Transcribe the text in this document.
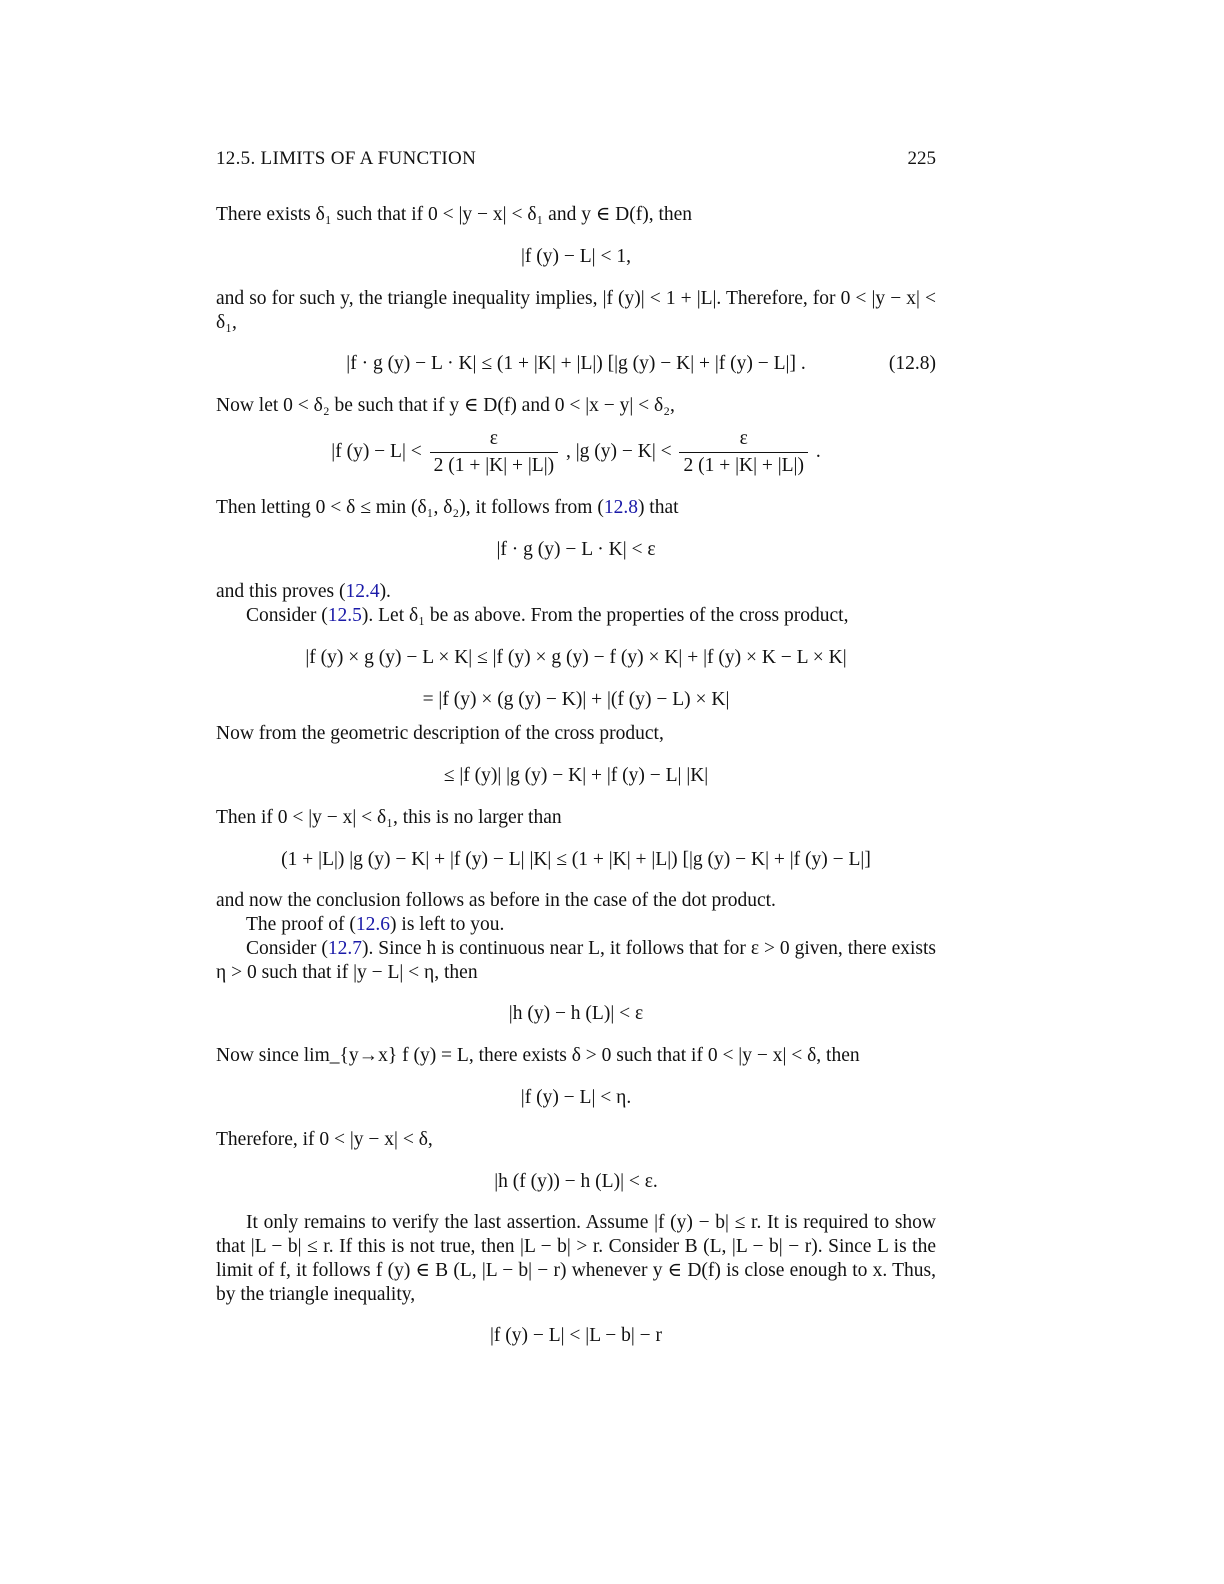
12.5. LIMITS OF A FUNCTION	225
There exists δ₁ such that if 0 < |y − x| < δ₁ and y ∈ D(f), then
|f (y) − L| < 1,
and so for such y, the triangle inequality implies, |f (y)| < 1 + |L|. Therefore, for 0 < |y − x| < δ₁,
|f · g (y) − L · K| ≤ (1 + |K| + |L|) [|g (y) − K| + |f (y) − L|] .	(12.8)
Now let 0 < δ₂ be such that if y ∈ D(f) and 0 < |x − y| < δ₂,
|f $(y) - L| < \frac{\varepsilon}{2 (1 + |K| + |L|)}$ , |g $(y) - K| < \frac{\varepsilon}{2 (1 + |K| + |L|)}$ .
Then letting 0 < δ ≤ min (δ₁, δ₂), it follows from (12.8) that
|f · g (y) − L · K| < ε
and this proves (12.4).
Consider (12.5). Let δ₁ be as above. From the properties of the cross product,
|f (y) × g (y) − L × K| ≤ |f (y) × g (y) − f (y) × K| + |f (y) × K − L × K|
= |f (y) × (g (y) − K)| + |(f (y) − L) × K|
Now from the geometric description of the cross product,
≤ |f (y)| |g (y) − K| + |f (y) − L| |K|
Then if 0 < |y − x| < δ₁, this is no larger than
(1 + |L|) |g (y) − K| + |f (y) − L| |K| ≤ (1 + |K| + |L|) [|g (y) − K| + |f (y) − L|]
and now the conclusion follows as before in the case of the dot product.
The proof of (12.6) is left to you.
Consider (12.7). Since h is continuous near L, it follows that for ε > 0 given, there exists η > 0 such that if |y − L| < η, then
|h (y) − h (L)| < ε
Now since lim_{y→x} f (y) = L, there exists δ > 0 such that if 0 < |y − x| < δ, then
|f (y) − L| < η.
Therefore, if 0 < |y − x| < δ,
|h (f (y)) − h (L)| < ε.
It only remains to verify the last assertion. Assume |f (y) − b| ≤ r. It is required to show that |L − b| ≤ r. If this is not true, then |L − b| > r. Consider B (L, |L − b| − r). Since L is the limit of f, it follows f (y) ∈ B (L, |L − b| − r) whenever y ∈ D(f) is close enough to x. Thus, by the triangle inequality,
|f (y) − L| < |L − b| − r
